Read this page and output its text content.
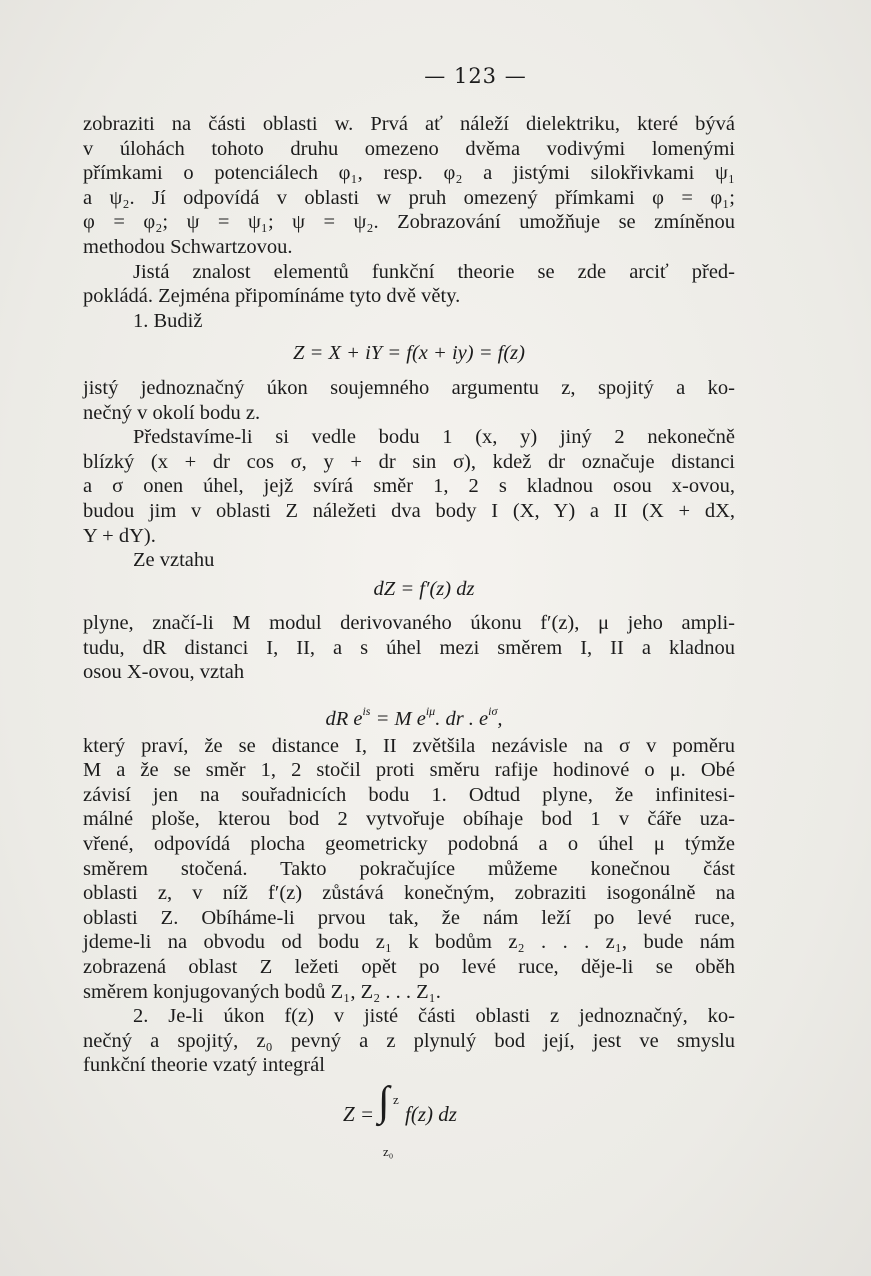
— 123 —
zobraziti na části oblasti w. Prvá ať náleží dielektriku, které bývá
v úlohách tohoto druhu omezeno dvěma vodivými lomenými
přímkami o potenciálech φ₁, resp. φ₂ a jistými silokřivkami ψ₁
a ψ₂. Jí odpovídá v oblasti w pruh omezený přímkami φ = φ₁;
φ = φ₂; ψ = ψ₁; ψ = ψ₂. Zobrazování umožňuje se zmíněnou
methodou Schwartzovou.
Jistá znalost elementů funkční theorie se zde arciť před-
pokládá. Zejména připomínáme tyto dvě věty.
1. Budiž
Z = X + iY = f(x + iy) = f(z)
jistý jednoznačný úkon soujemného argumentu z, spojitý a ko-
nečný v okolí bodu z.
Představíme-li si vedle bodu 1 (x, y) jiný 2 nekonečně
blízký (x + dr cos σ, y + dr sin σ), kdež dr označuje distanci
a σ onen úhel, jejž svírá směr 1, 2 s kladnou osou x-ovou,
budou jim v oblasti Z náležeti dva body I (X, Y) a II (X + dX,
Y + dY).
Ze vztahu
dZ = f′(z) dz
plyne, značí-li M modul derivovaného úkonu f′(z), μ jeho ampli-
tudu, dR distanci I, II, a s úhel mezi směrem I, II a kladnou
osou X-ovou, vztah
dR $e^{is} = M$ $e^{i\mu}$. dr . $e^{i\sigma}$,
který praví, že se distance I, II zvětšila nezávisle na σ v poměru
M a že se směr 1, 2 stočil proti směru rafije hodinové o μ. Obé
závisí jen na souřadnicích bodu 1. Odtud plyne, že infinitesi-
málné ploše, kterou bod 2 vytvořuje obíhaje bod 1 v čáře uza-
vřené, odpovídá plocha geometricky podobná a o úhel μ týmže
směrem stočená. Takto pokračujíce můžeme konečnou část
oblasti z, v níž f′(z) zůstává konečným, zobraziti isogonálně na
oblasti Z. Obíháme-li prvou tak, že nám leží po levé ruce,
jdeme-li na obvodu od bodu z₁ k bodům z₂ . . . z₁, bude nám
zobrazená oblast Z ležeti opět po levé ruce, děje-li se oběh
směrem konjugovaných bodů Z₁, Z₂ . . . Z₁.
2. Je-li úkon f(z) v jisté části oblasti z jednoznačný, ko-
nečný a spojitý, z₀ pevný a z plynulý bod její, jest ve smyslu
funkční theorie vzatý integrál
Z = ∫ z
z₀
f(z) dz
